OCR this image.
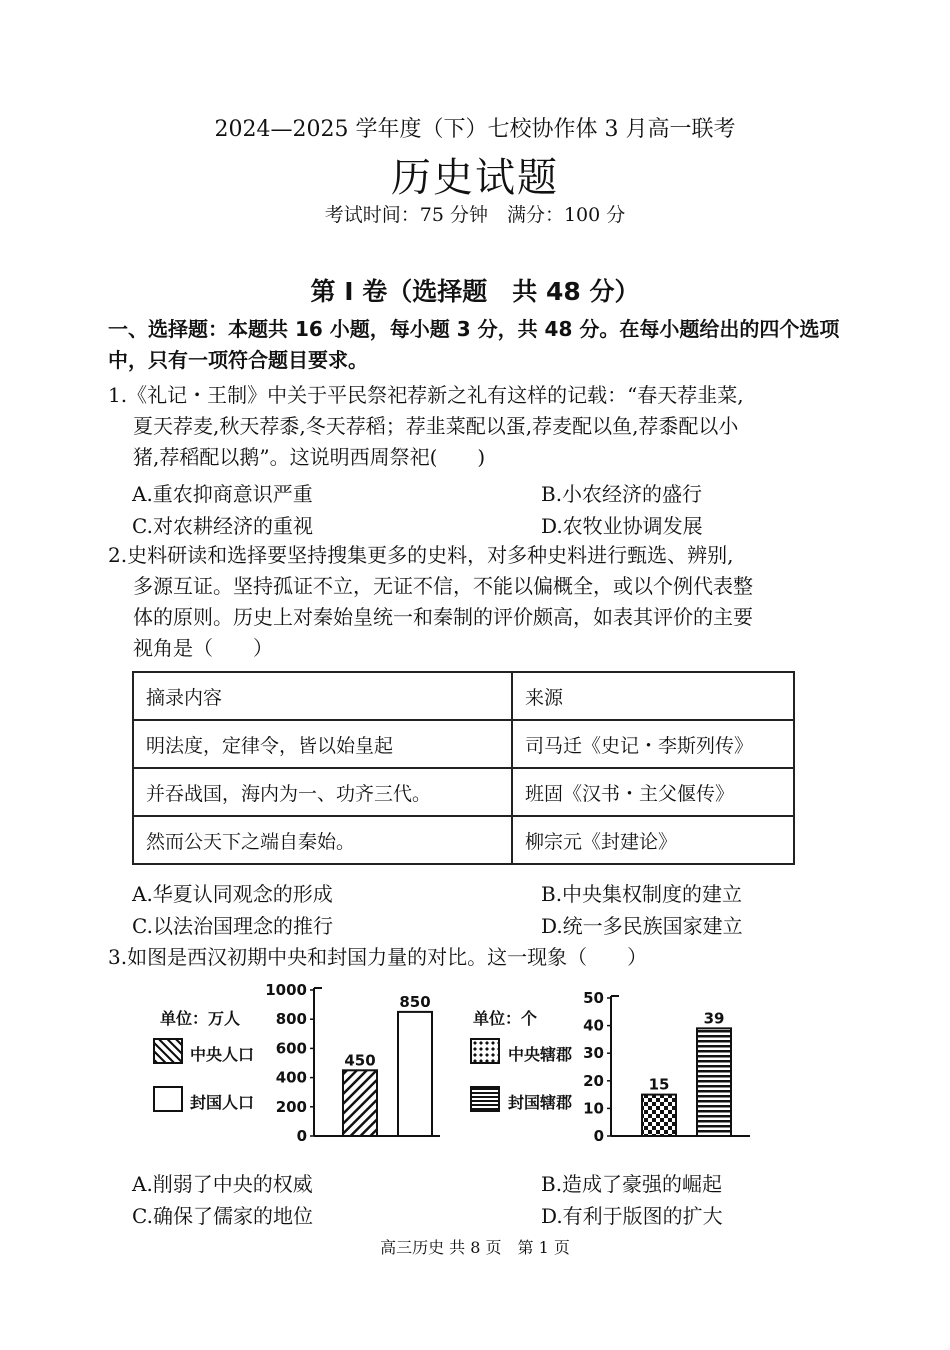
2024—2025 学年度（下）七校协作体 3 月高一联考
历史试题
考试时间：75 分钟　满分：100 分
第 I 卷（选择题　共 48 分）
一、选择题：本题共 16 小题，每小题 3 分，共 48 分。在每小题给出的四个选项中，只有一项符合题目要求。
1.《礼记・王制》中关于平民祭祀荐新之礼有这样的记载：“春天荐韭菜,
夏天荐麦,秋天荐黍,冬天荐稻；荐韭菜配以蛋,荐麦配以鱼,荐黍配以小
猪,荐稻配以鹅”。这说明西周祭祀(　　)
A.重农抑商意识严重	B.小农经济的盛行
C.对农耕经济的重视	D.农牧业协调发展
2.史料研读和选择要坚持搜集更多的史料，对多种史料进行甄选、辨别,
多源互证。坚持孤证不立，无证不信，不能以偏概全，或以个例代表整
体的原则。历史上对秦始皇统一和秦制的评价颇高，如表其评价的主要
视角是（　　）
摘录内容	来源
明法度，定律令，皆以始皇起	司马迁《史记・李斯列传》
并吞战国，海内为一、功齐三代。	班固《汉书・主父偃传》
然而公天下之端自秦始。	柳宗元《封建论》
A.华夏认同观念的形成	B.中央集权制度的建立
C.以法治国理念的推行	D.统一多民族国家建立
3.如图是西汉初期中央和封国力量的对比。这一现象（　　）
单位：万人
中央人口
封国人口
单位：个
中央辖郡
封国辖郡
0
200
400
600
800
1000
450
850
0
10
20
30
40
50
15
39
A.削弱了中央的权威	B.造成了豪强的崛起
C.确保了儒家的地位	D.有利于版图的扩大
高三历史 共 8 页　第 1 页
